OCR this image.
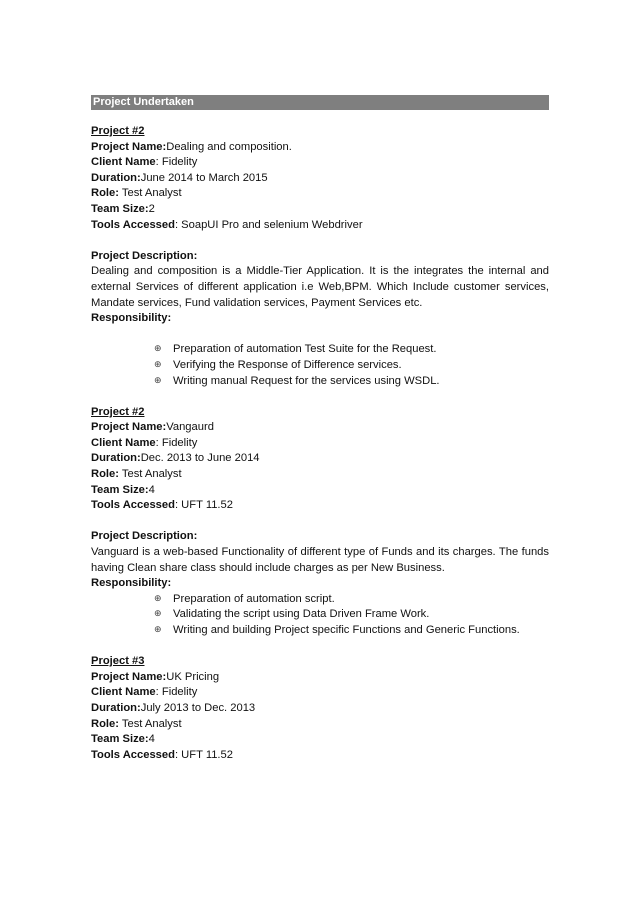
Project Undertaken
Project #2
Project Name:Dealing and composition.
Client Name: Fidelity
Duration:June 2014 to March 2015
Role: Test Analyst
Team Size:2
Tools Accessed: SoapUI Pro and selenium Webdriver
Project Description:
Dealing and composition is a Middle-Tier Application. It is the integrates the internal and external Services of different application i.e Web,BPM. Which Include customer services, Mandate services, Fund validation services, Payment Services etc.
Responsibility:
⊕ Preparation of automation Test Suite for the Request.
⊕ Verifying the Response of Difference services.
⊕ Writing manual Request for the services using WSDL.
Project #2
Project Name:Vangaurd
Client Name: Fidelity
Duration:Dec. 2013 to June 2014
Role: Test Analyst
Team Size:4
Tools Accessed: UFT 11.52
Project Description:
Vanguard is a web-based Functionality of different type of Funds and its charges. The funds having Clean share class should include charges as per New Business.
Responsibility:
⊕ Preparation of automation script.
⊕ Validating the script using Data Driven Frame Work.
⊕ Writing and building Project specific Functions and Generic Functions.
Project #3
Project Name:UK Pricing
Client Name: Fidelity
Duration:July 2013 to Dec. 2013
Role: Test Analyst
Team Size:4
Tools Accessed: UFT 11.52
